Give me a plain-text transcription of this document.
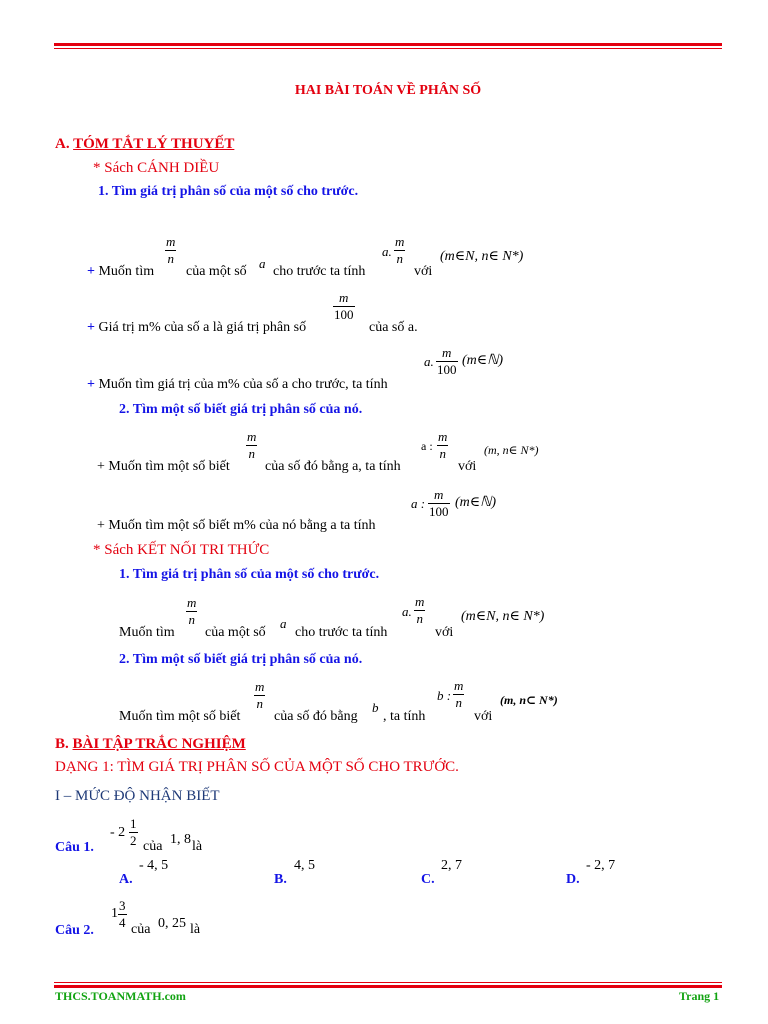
HAI BÀI TOÁN VỀ PHÂN SỐ
A. TÓM TẮT LÝ THUYẾT
* Sách CÁNH DIỀU
1. Tìm giá trị phân số của một số cho trước.
+ Muốn tìm
$\frac{m}{n}$
của một số
a
cho trước ta tính
a. $\frac{m}{n}$
với
(m∈N, n∈ N*)
+ Giá trị m% của số a là giá trị phân số
$\frac{m}{100}$
của số a.
a. $\frac{m}{100}$ (m∈ℕ)
+ Muốn tìm giá trị của m% của số a cho trước, ta tính
2. Tìm một số biết giá trị phân số của nó.
+ Muốn tìm một số biết
$\frac{m}{n}$
của số đó bằng a, ta tính
a : $\frac{m}{n}$
với
(m, n∈ N*)
a : $\frac{m}{100}$ (m∈ℕ)
+ Muốn tìm một số biết m% của nó bằng a ta tính
* Sách KẾT NỐI TRI THỨC
1. Tìm giá trị phân số của một số cho trước.
Muốn tìm
$\frac{m}{n}$
của một số
a
cho trước ta tính
a. $\frac{m}{n}$
với
(m∈N, n∈ N*)
2. Tìm một số biết giá trị phân số của nó.
Muốn tìm một số biết
$\frac{m}{n}$
của số đó bằng
b
, ta tính
b : $\frac{m}{n}$
với
(m, n⊂ N*)
B. BÀI TẬP TRẮC NGHIỆM
DẠNG 1: TÌM GIÁ TRỊ PHÂN SỐ CỦA MỘT SỐ CHO TRƯỚC.
I – MỨC ĐỘ NHẬN BIẾT
Câu 1.
- $2 \frac{1}{2}$ của 1, 8 là
A.
- 4, 5
B.
4, 5
C.
2, 7
D.
- 2, 7
Câu 2.
$1 \frac{3}{4}$ của 0, 25 là
THCS.TOANMATH.com	Trang 1
